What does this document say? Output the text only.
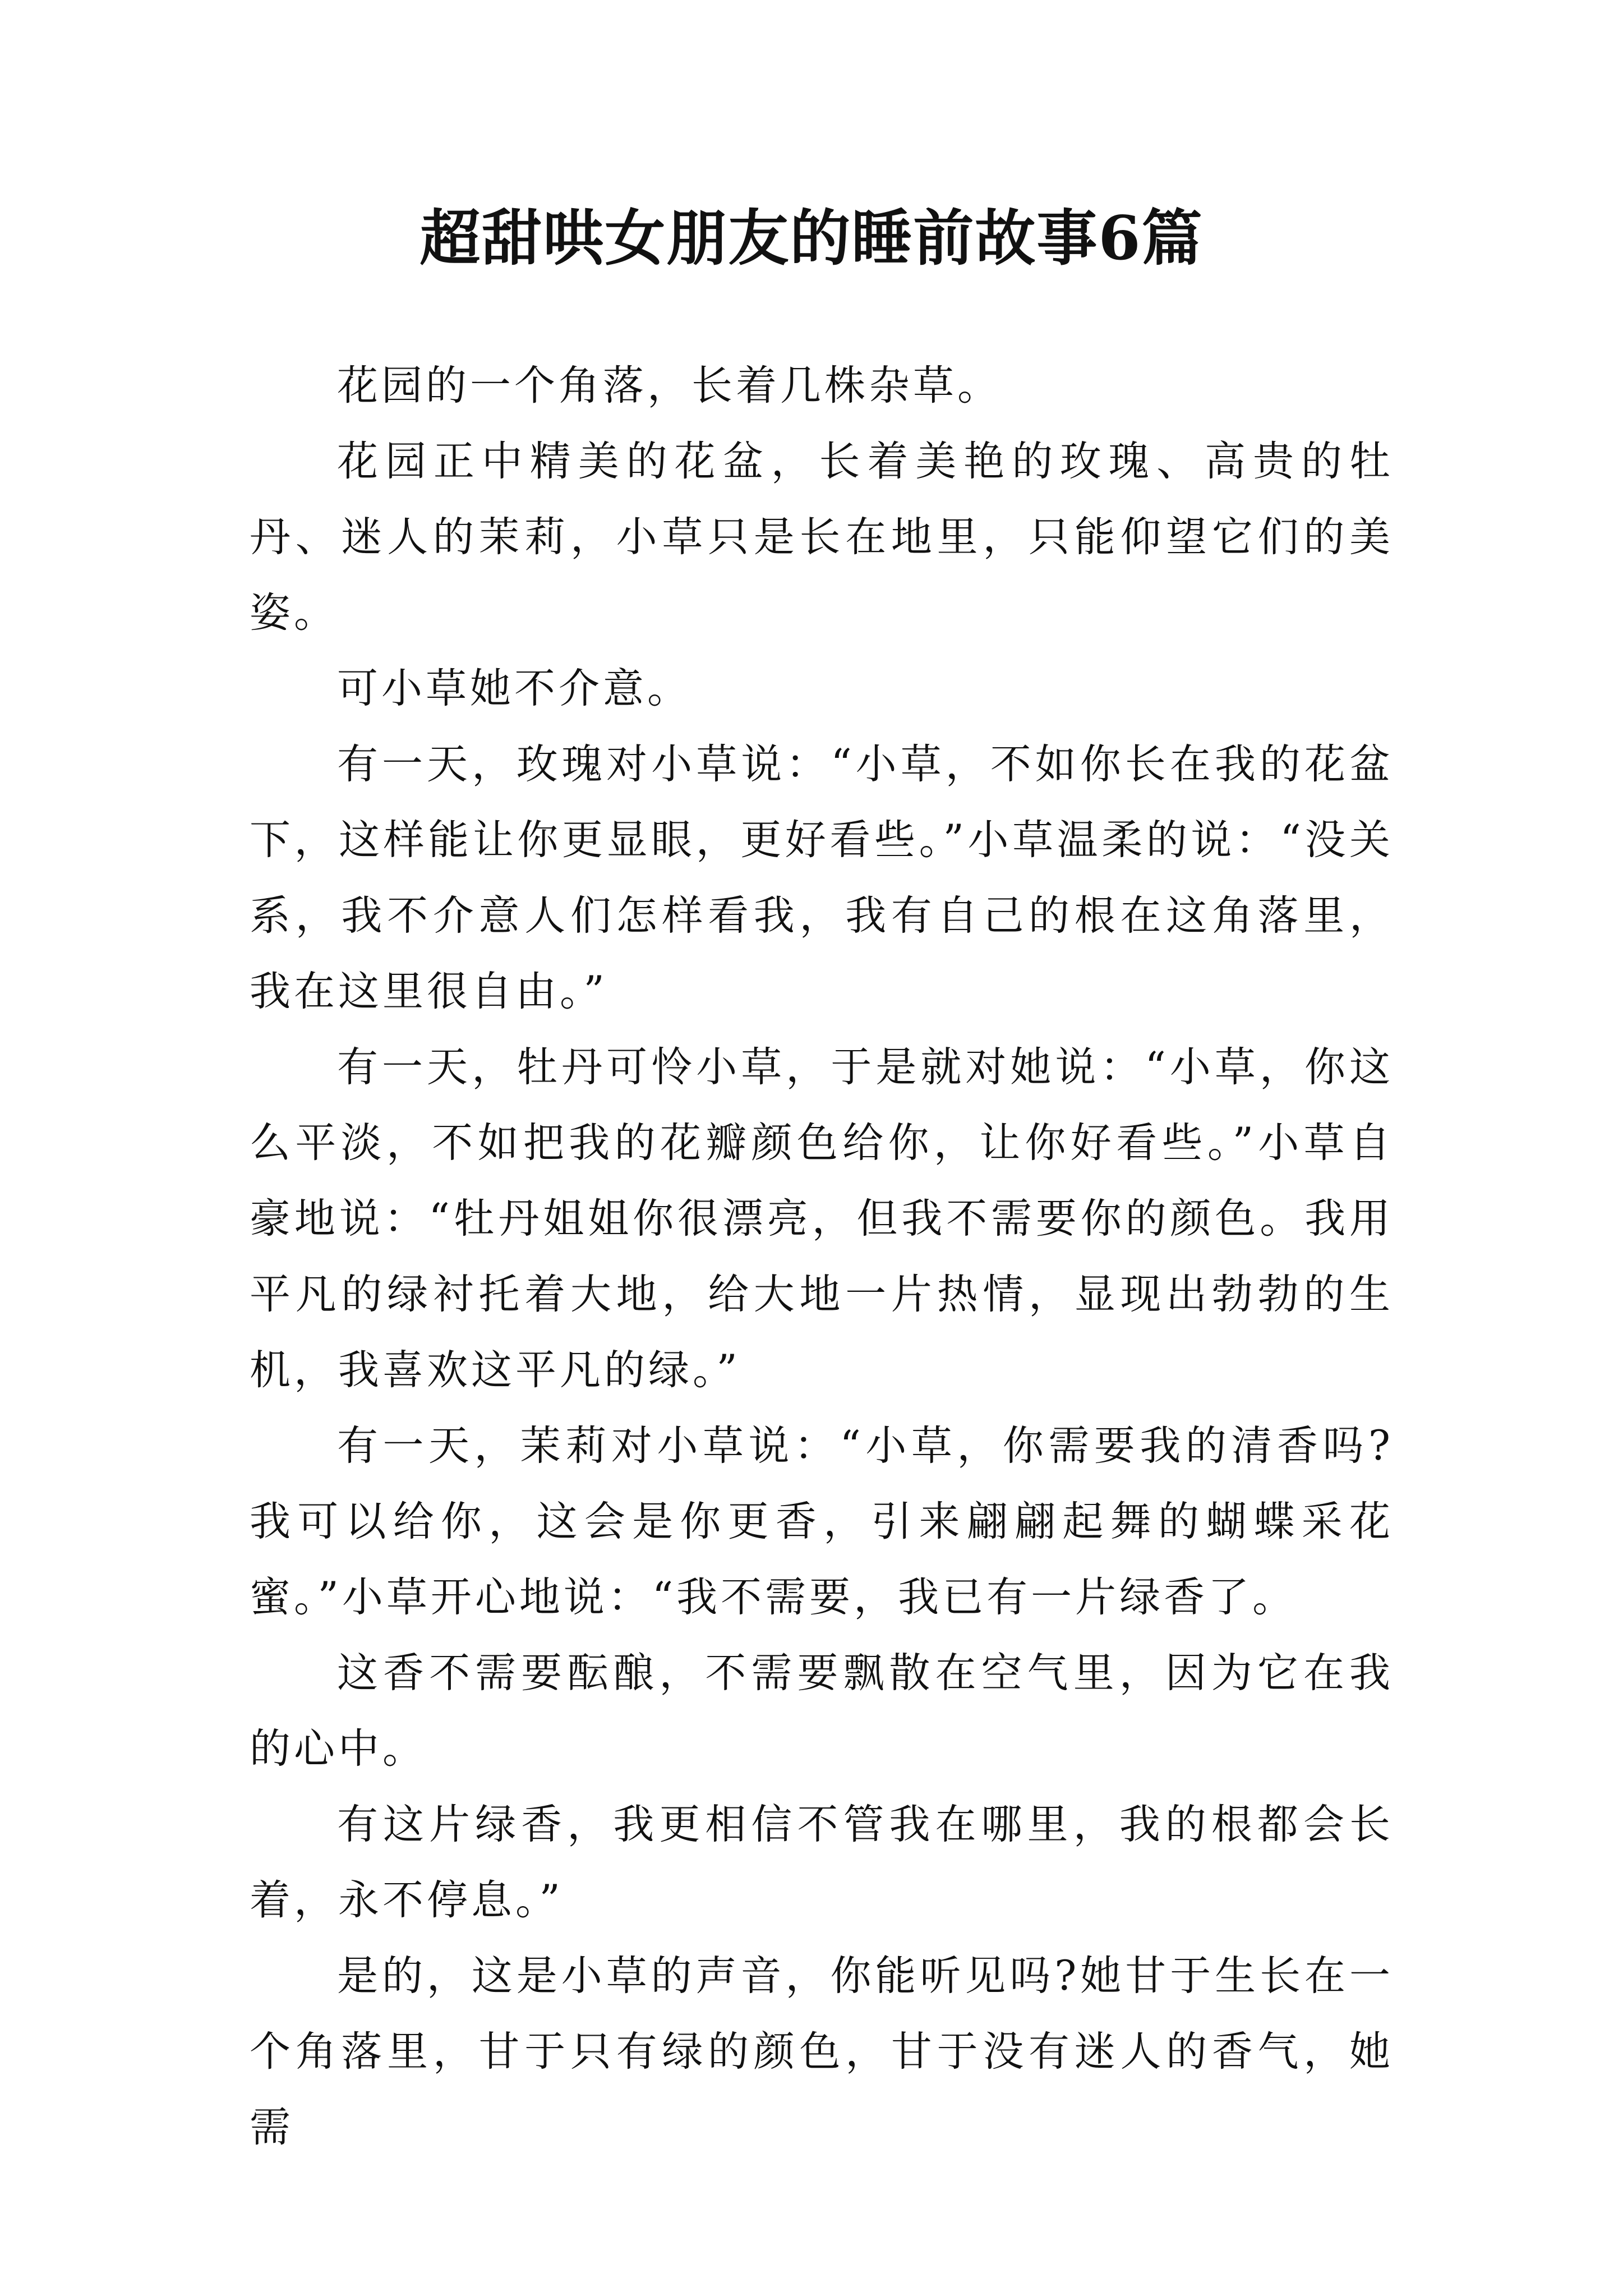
超甜哄女朋友的睡前故事6篇

花园的一个角落，长着几株杂草。

花园正中精美的花盆，长着美艳的玫瑰、高贵的牡丹、迷人的茉莉，小草只是长在地里，只能仰望它们的美姿。

可小草她不介意。

有一天，玫瑰对小草说：“小草，不如你长在我的花盆下，这样能让你更显眼，更好看些。”小草温柔的说：“没关系，我不介意人们怎样看我，我有自己的根在这角落里，我在这里很自由。”

有一天，牡丹可怜小草，于是就对她说：“小草，你这么平淡，不如把我的花瓣颜色给你，让你好看些。”小草自豪地说：“牡丹姐姐你很漂亮，但我不需要你的颜色。我用平凡的绿衬托着大地，给大地一片热情，显现出勃勃的生机，我喜欢这平凡的绿。”

有一天，茉莉对小草说：“小草，你需要我的清香吗?我可以给你，这会是你更香，引来翩翩起舞的蝴蝶采花蜜。”小草开心地说：“我不需要，我已有一片绿香了。

这香不需要酝酿，不需要飘散在空气里，因为它在我的心中。

有这片绿香，我更相信不管我在哪里，我的根都会长着，永不停息。”

是的，这是小草的声音，你能听见吗?她甘于生长在一个角落里，甘于只有绿的颜色，甘于没有迷人的香气，她需
